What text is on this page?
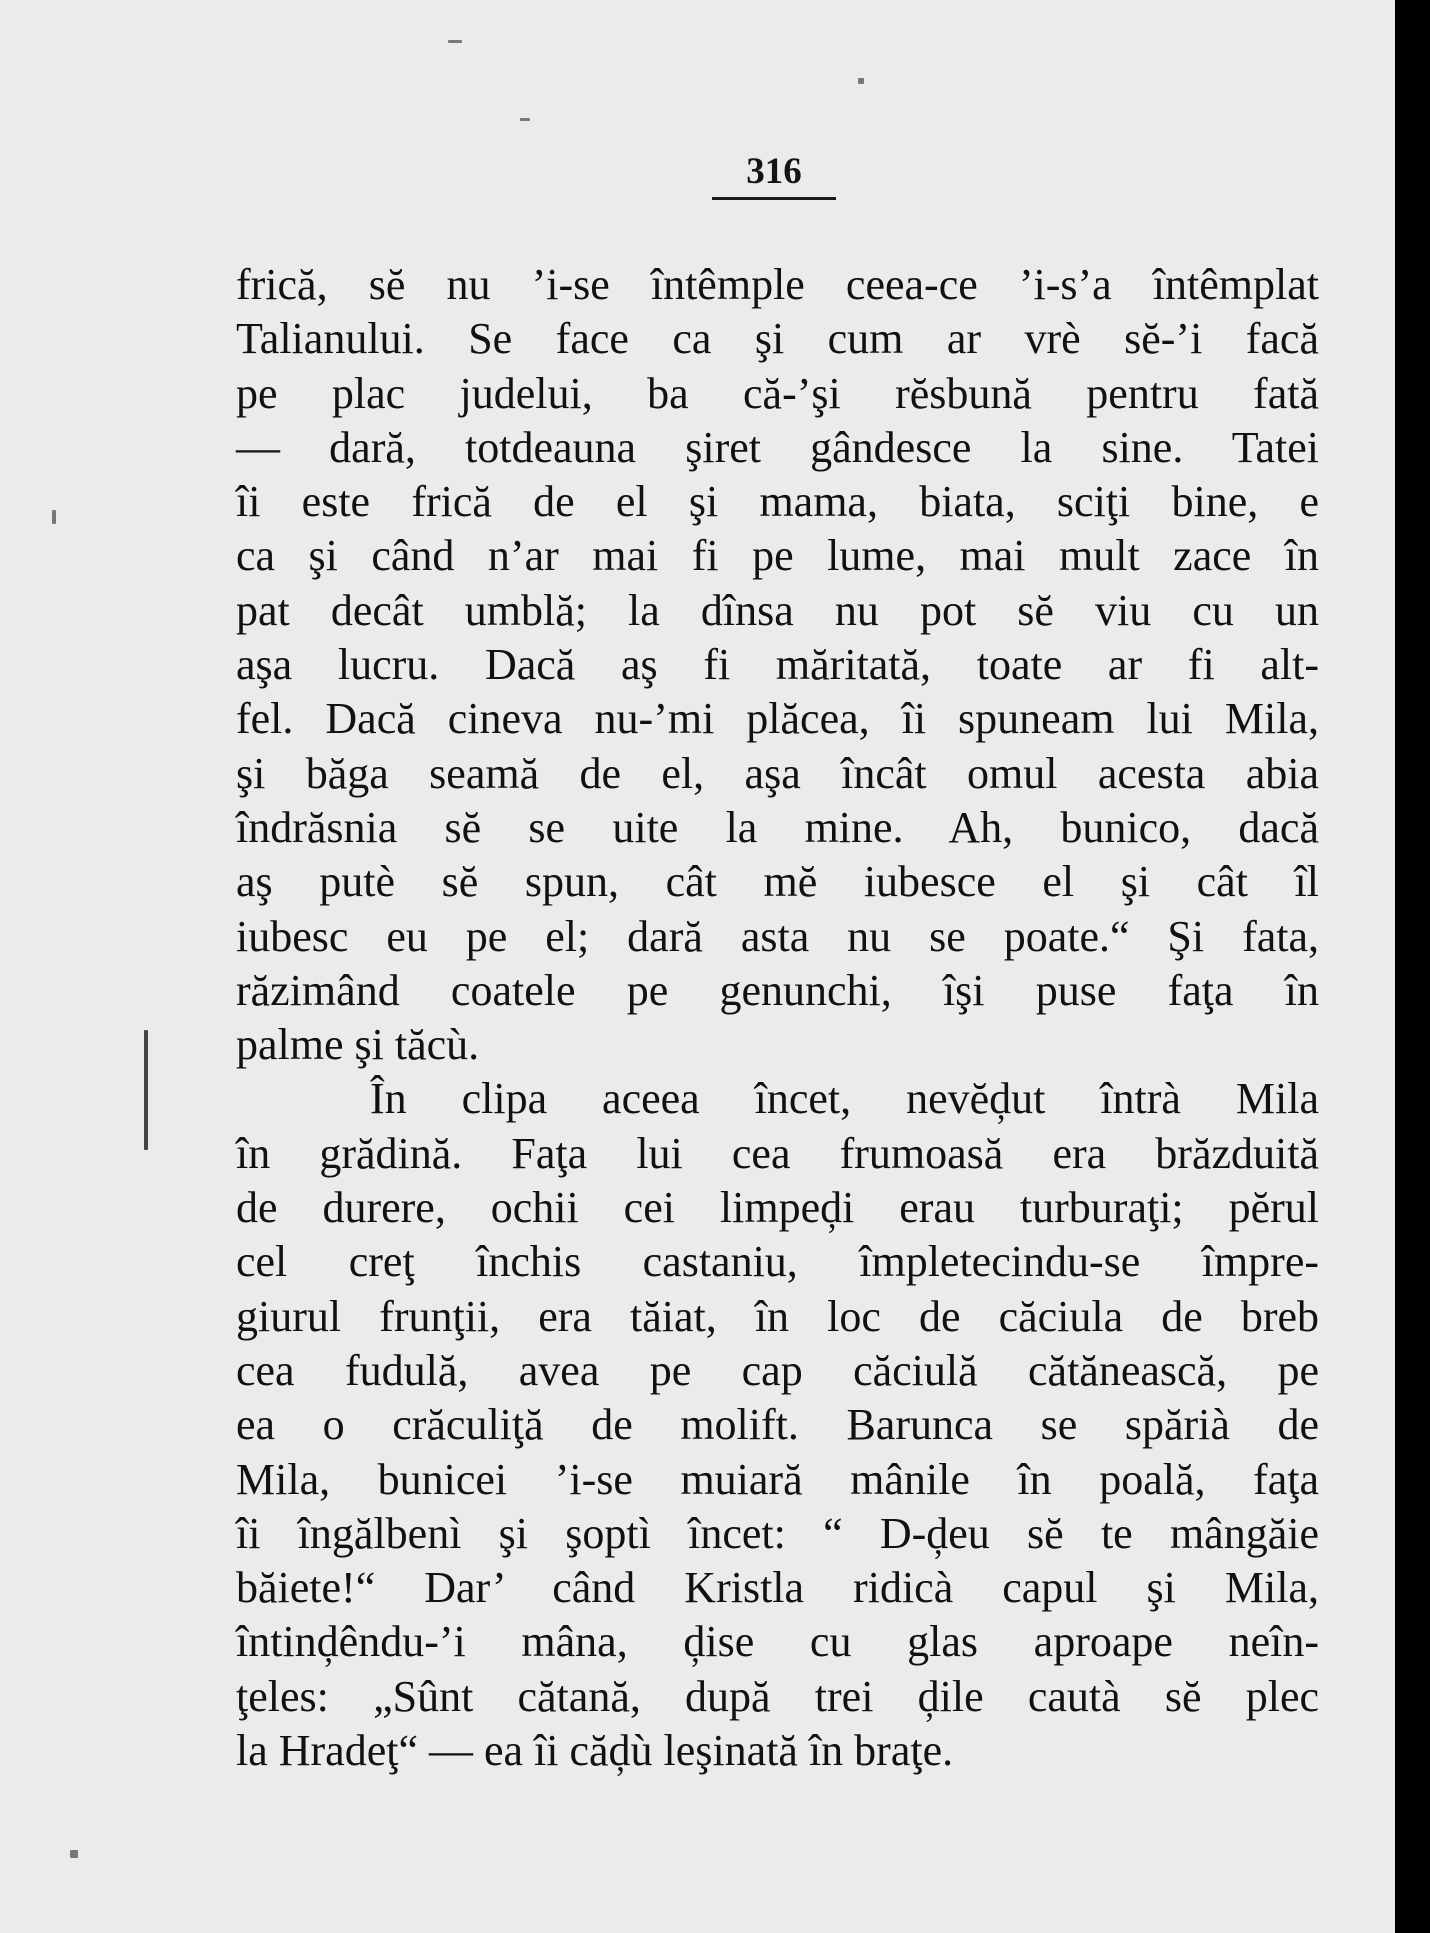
316
frică, sĕ nu ’i-se întêmple ceea-ce ’i-s’a întêmplat
Talianului. Se face ca şi cum ar vrè sĕ-’i facă
pe plac judelui, ba că-’şi rĕsbună pentru fată
— dară, totdeauna şiret gândesce la sine. Tatei
îi este frică de el şi mama, biata, sciţi bine, e
ca şi când n’ar mai fi pe lume, mai mult zace în
pat decât umblă; la dînsa nu pot sĕ viu cu un
aşa lucru. Dacă aş fi măritată, toate ar fi alt-
fel. Dacă cineva nu-’mi plăcea, îi spuneam lui Mila,
şi băga seamă de el, aşa încât omul acesta abia
îndrăsnia sĕ se uite la mine. Ah, bunico, dacă
aş putè sĕ spun, cât mĕ iubesce el şi cât îl
iubesc eu pe el; dară asta nu se poate.“ Şi fata,
răzimând coatele pe genunchi, îşi puse faţa în
palme şi tăcù.
În clipa aceea încet, nevĕḑut întrà Mila
în grădină. Faţa lui cea frumoasă era brăzduită
de durere, ochii cei limpeḑi erau turburaţi; pĕrul
cel creţ închis castaniu, împletecindu-se împre-
giurul frunţii, era tăiat, în loc de căciula de breb
cea fudulă, avea pe cap căciulă cătănească, pe
ea o crăculiţă de molift. Barunca se spărià de
Mila, bunicei ’i-se muiară mânile în poală, faţa
îi îngălbenì şi şoptì încet: “ D-ḑeu sĕ te mângăie
băiete!“ Dar’ când Kristla ridicà capul şi Mila,
întinḑêndu-’i mâna, ḑise cu glas aproape neîn-
ţeles: „Sûnt cătană, după trei ḑile cautà sĕ plec
la Hradeţ“ — ea îi căḑù leşinată în braţe.
